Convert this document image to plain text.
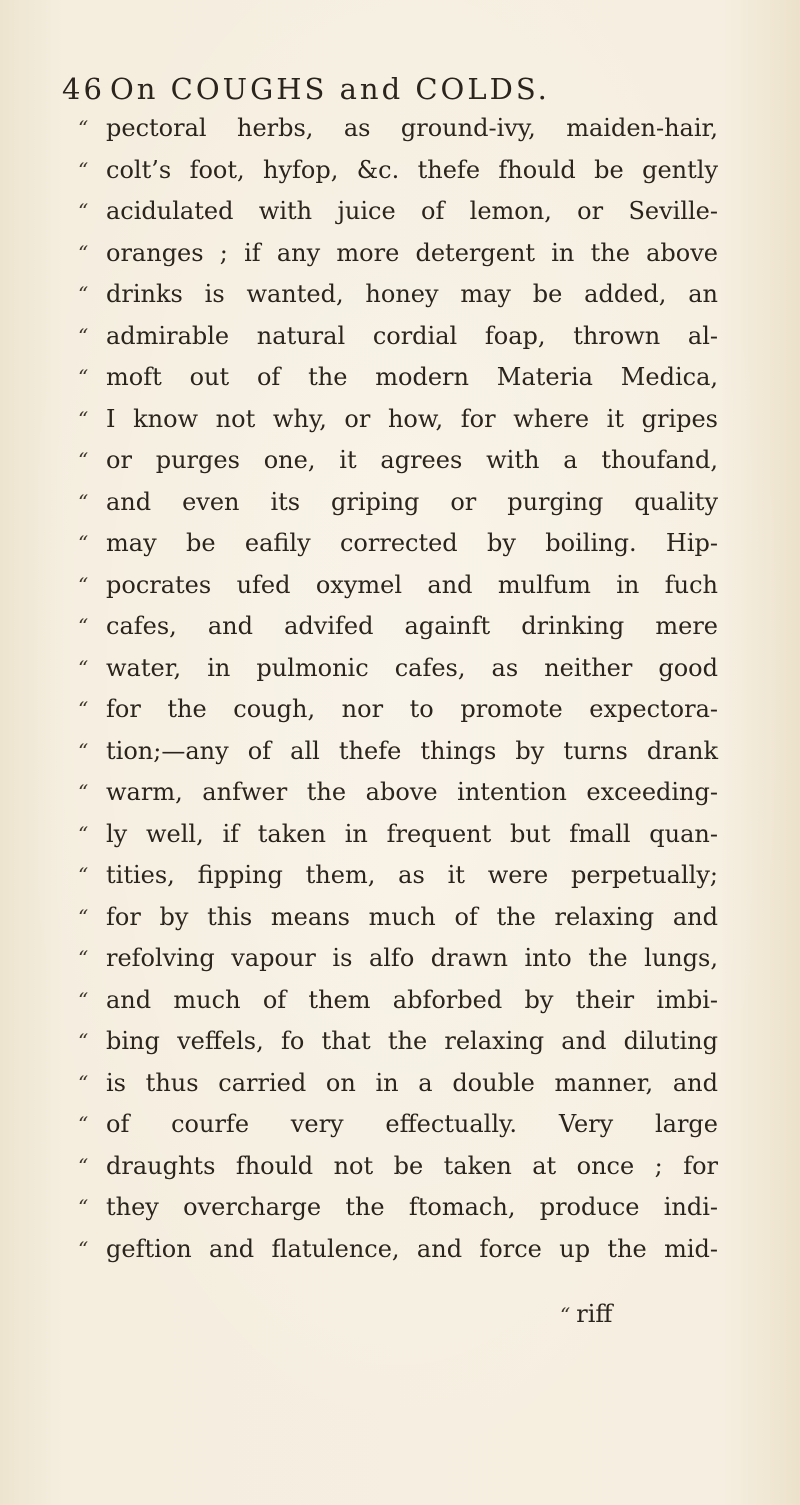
46 On COUGHS and COLDS.
“ pectoral herbs, as ground-ivy, maiden-hair,
“ colt’s foot, hyfop, &c. thefe fhould be gently
“ acidulated with juice of lemon, or Seville-
“ oranges ; if any more detergent in the above
“ drinks is wanted, honey may be added, an
“ admirable natural cordial foap, thrown al-
“ moft out of the modern Materia Medica,
“ I know not why, or how, for where it gripes
“ or purges one, it agrees with a thoufand,
“ and even its griping or purging quality
“ may be eafily corrected by boiling. Hip-
“ pocrates ufed oxymel and mulfum in fuch
“ cafes, and advifed againft drinking mere
“ water, in pulmonic cafes, as neither good
“ for the cough, nor to promote expectora-
“ tion;—any of all thefe things by turns drank
“ warm, anfwer the above intention exceeding-
“ ly well, if taken in frequent but fmall quan-
“ tities, fipping them, as it were perpetually;
“ for by this means much of the relaxing and
“ refolving vapour is alfo drawn into the lungs,
“ and much of them abforbed by their imbi-
“ bing veffels, fo that the relaxing and diluting
“ is thus carried on in a double manner, and
“ of courfe very effectually. Very large
“ draughts fhould not be taken at once ; for
“ they overcharge the ftomach, produce indi-
“ geftion and flatulence, and force up the mid-
“ riff
